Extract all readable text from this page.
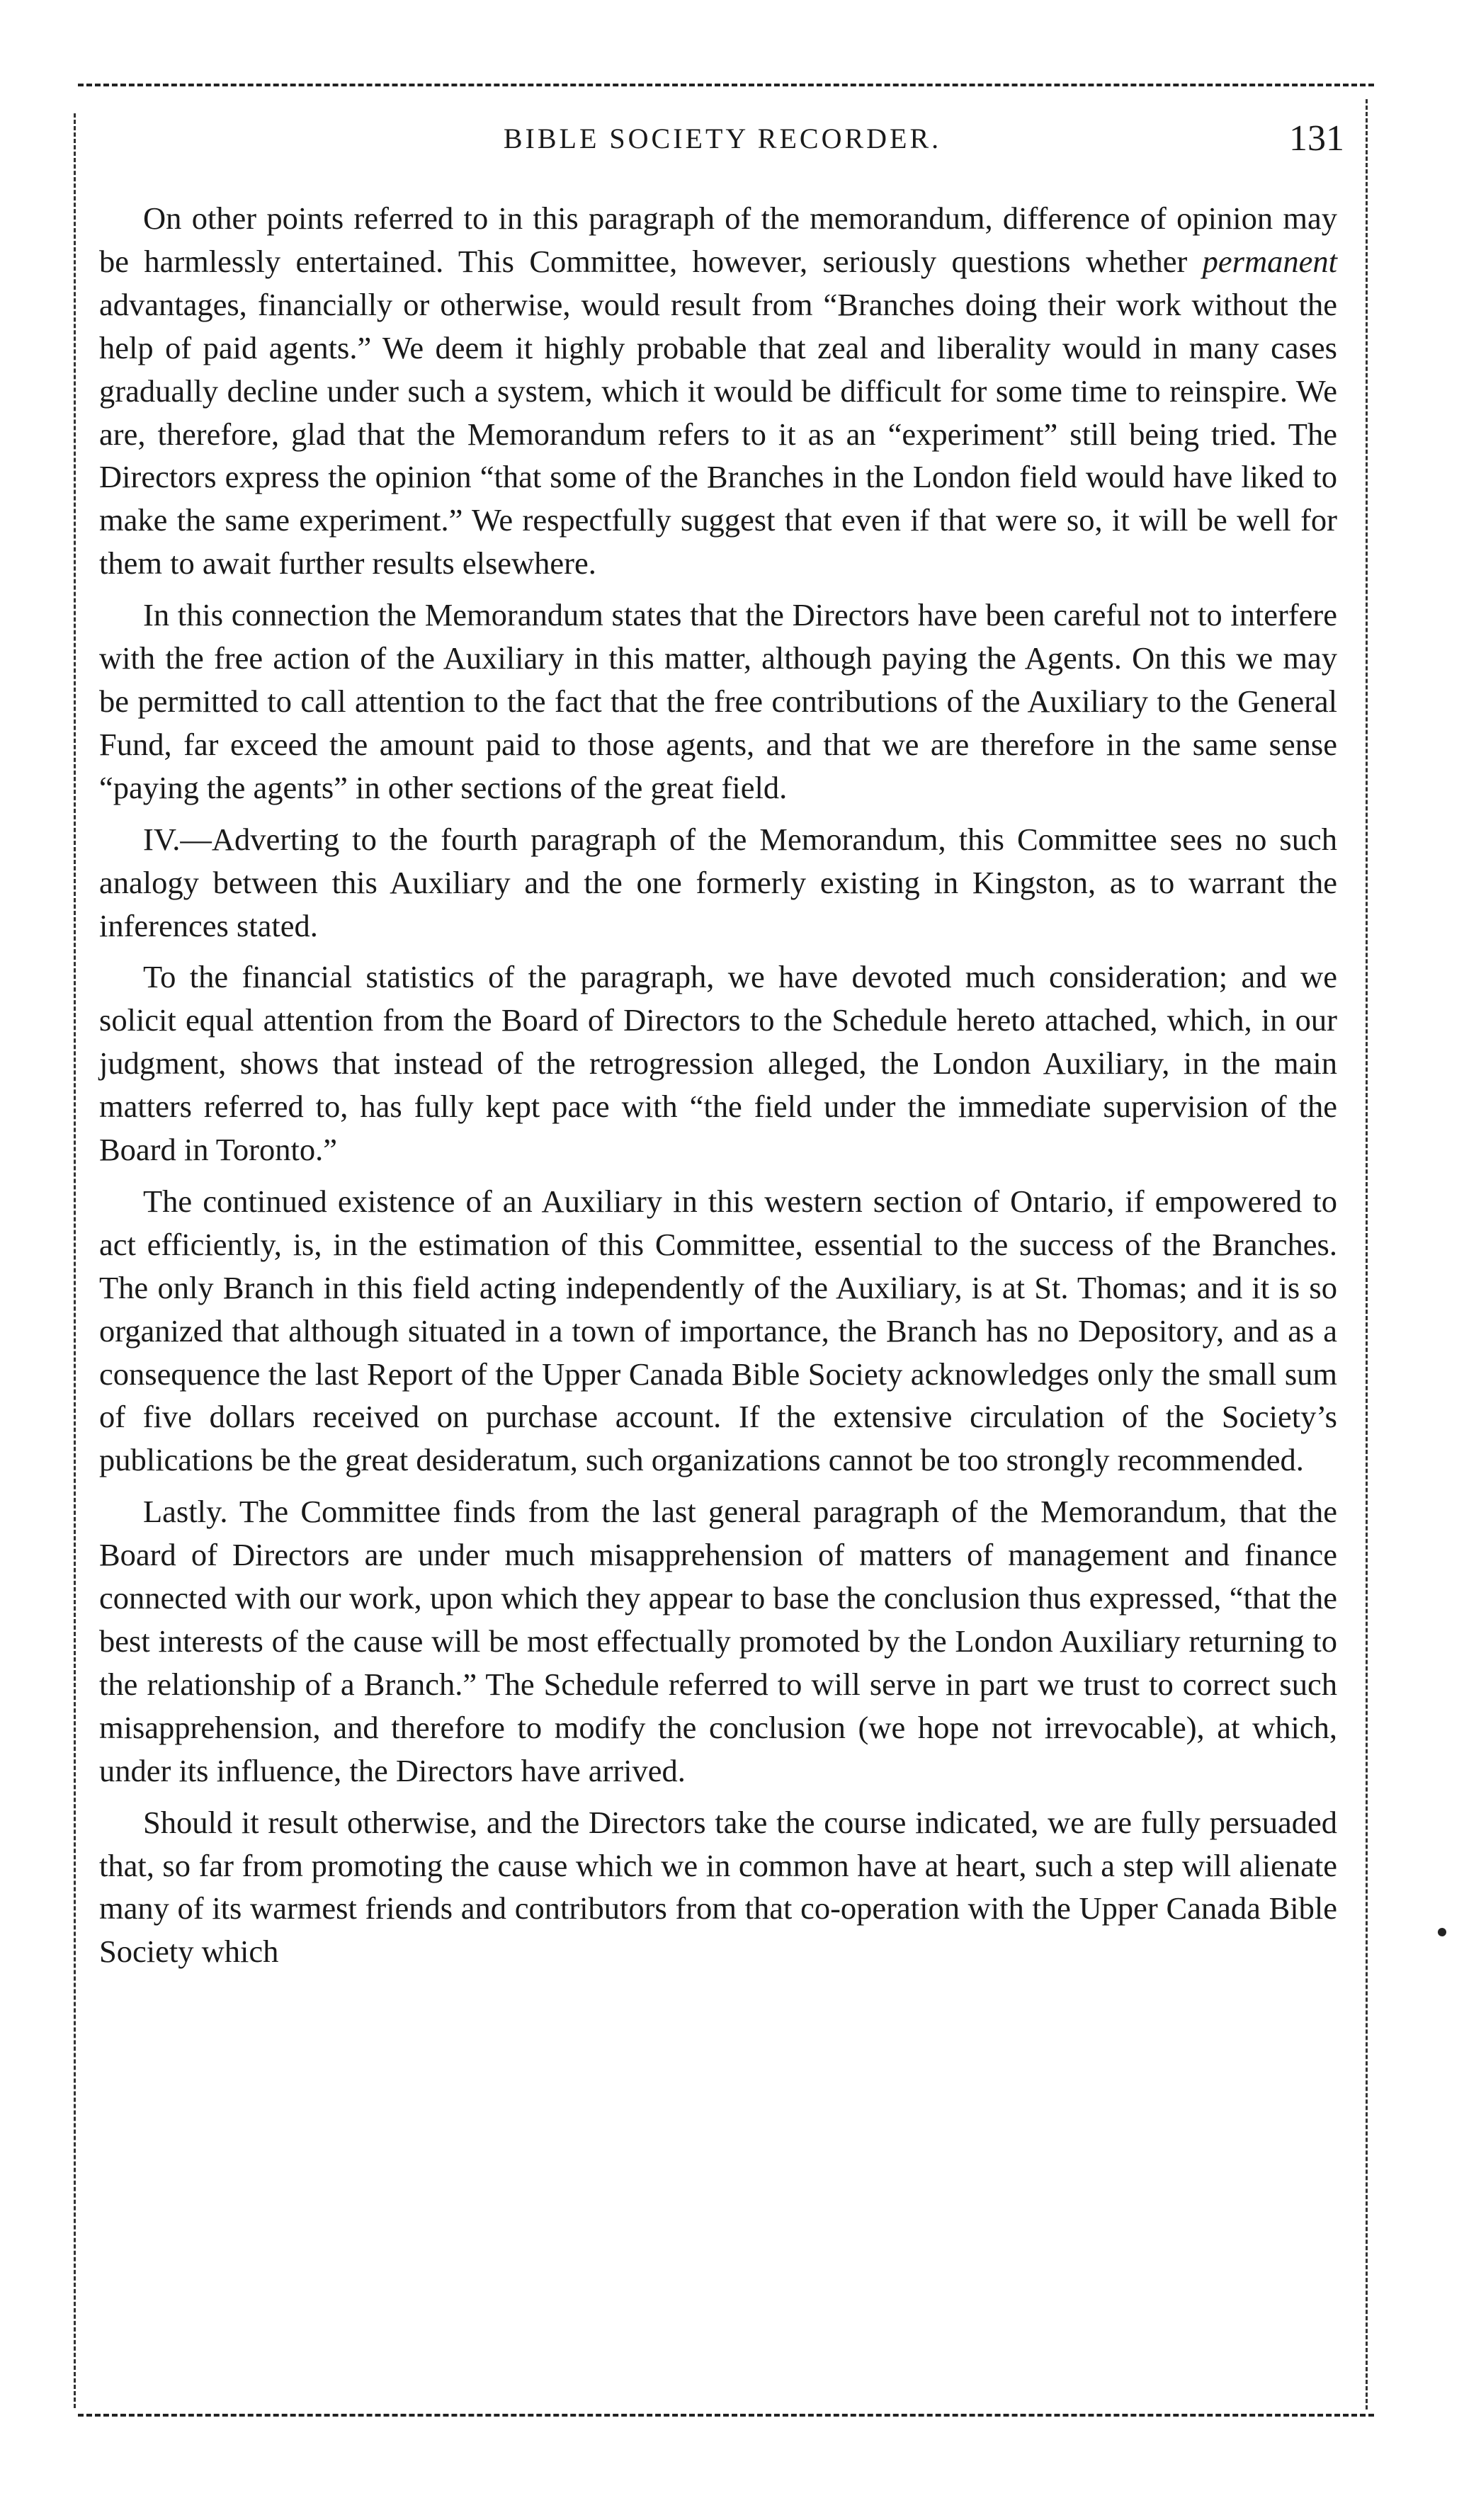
BIBLE SOCIETY RECORDER.	131

On other points referred to in this paragraph of the memorandum, difference of opinion may be harmlessly entertained. This Committee, however, seriously questions whether permanent advantages, financially or otherwise, would result from “Branches doing their work without the help of paid agents.” We deem it highly probable that zeal and liberality would in many cases gradually decline under such a system, which it would be difficult for some time to reinspire. We are, therefore, glad that the Memorandum refers to it as an “experiment” still being tried. The Directors express the opinion “that some of the Branches in the London field would have liked to make the same experiment.” We respectfully suggest that even if that were so, it will be well for them to await further results elsewhere.

In this connection the Memorandum states that the Directors have been careful not to interfere with the free action of the Auxiliary in this matter, although paying the Agents. On this we may be permitted to call attention to the fact that the free contributions of the Auxiliary to the General Fund, far exceed the amount paid to those agents, and that we are therefore in the same sense “paying the agents” in other sections of the great field.

IV.—Adverting to the fourth paragraph of the Memorandum, this Committee sees no such analogy between this Auxiliary and the one formerly existing in Kingston, as to warrant the inferences stated.

To the financial statistics of the paragraph, we have devoted much consideration; and we solicit equal attention from the Board of Directors to the Schedule hereto attached, which, in our judgment, shows that instead of the retrogression alleged, the London Auxiliary, in the main matters referred to, has fully kept pace with “the field under the immediate supervision of the Board in Toronto.”

The continued existence of an Auxiliary in this western section of Ontario, if empowered to act efficiently, is, in the estimation of this Committee, essential to the success of the Branches. The only Branch in this field acting independently of the Auxiliary, is at St. Thomas; and it is so organized that although situated in a town of importance, the Branch has no Depository, and as a consequence the last Report of the Upper Canada Bible Society acknowledges only the small sum of five dollars received on purchase account. If the extensive circulation of the Society’s publications be the great desideratum, such organizations cannot be too strongly recommended.

Lastly. The Committee finds from the last general paragraph of the Memorandum, that the Board of Directors are under much misapprehension of matters of management and finance connected with our work, upon which they appear to base the conclusion thus expressed, “that the best interests of the cause will be most effectually promoted by the London Auxiliary returning to the relationship of a Branch.” The Schedule referred to will serve in part we trust to correct such misapprehension, and therefore to modify the conclusion (we hope not irrevocable), at which, under its influence, the Directors have arrived.

Should it result otherwise, and the Directors take the course indicated, we are fully persuaded that, so far from promoting the cause which we in common have at heart, such a step will alienate many of its warmest friends and contributors from that co-operation with the Upper Canada Bible Society which
